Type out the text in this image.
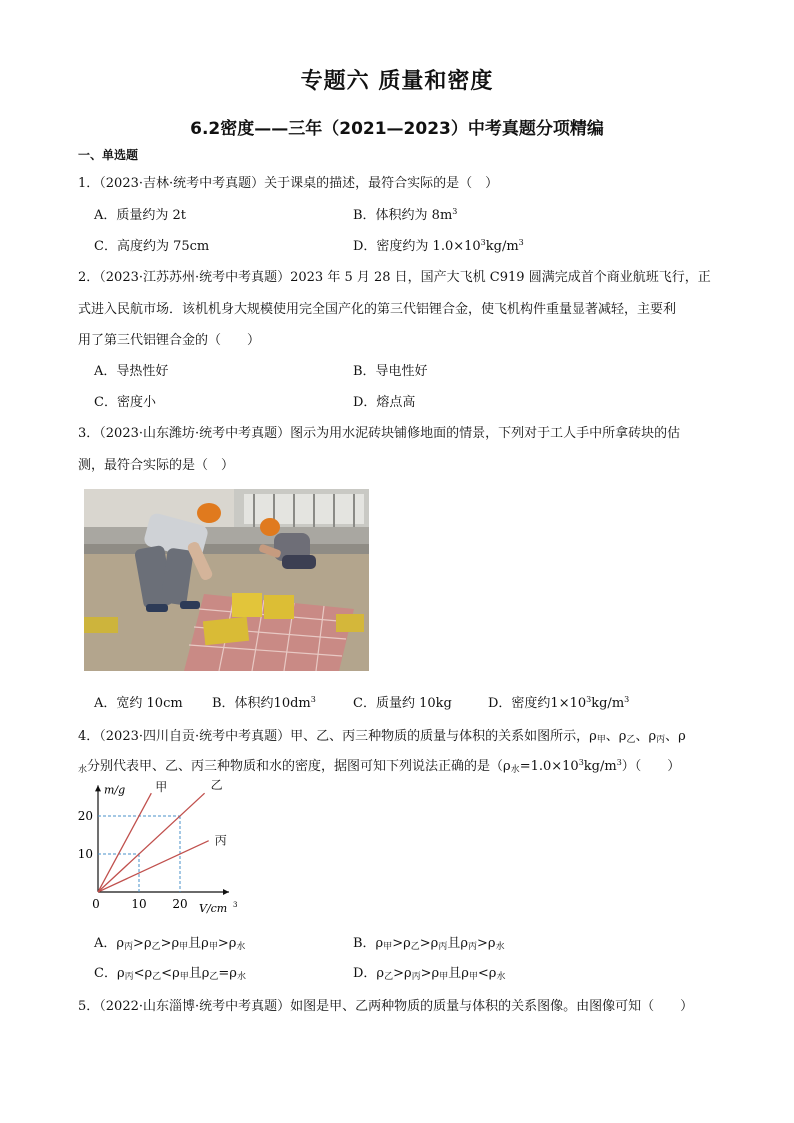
专题六 质量和密度
6.2密度——三年（2021—2023）中考真题分项精编
一、单选题
1．（2023·吉林·统考中考真题）关于课桌的描述，最符合实际的是（　）
A．质量约为 2t	B．体积约为 $8m^3$
C．高度约为 75cm	D．密度约为 $1.0\times 10^3kg/m^3$
2．（2023·江苏苏州·统考中考真题）2023 年 5 月 28 日，国产大飞机 C919 圆满完成首个商业航班飞行，正
式进入民航市场．该机机身大规模使用完全国产化的第三代铝锂合金，使飞机构件重量显著减轻，主要利
用了第三代铝锂合金的（　　）
A．导热性好	B．导电性好
C．密度小	D．熔点高
3．（2023·山东潍坊·统考中考真题）图示为用水泥砖块铺修地面的情景，下列对于工人手中所拿砖块的估
测，最符合实际的是（　）
A．宽约 10cm B．体积约$10dm^3$	C．质量约 10kg	D．密度约$1\times 10^3kg/m^3$
4．（2023·四川自贡·统考中考真题）甲、乙、丙三种物质的质量与体积的关系如图所示，$\rho_甲$、$\rho_乙$、$\rho_丙$、ρ
$_水$分别代表甲、乙、丙三种物质和水的密度，据图可知下列说法正确的是$(\rho_水=1.0\times 10^3kg/m^3)$（　　）
甲	乙
丙
0	10 20
10
20
m/g
V/cm 3
A．$\rho_丙>\rho_乙>\rho_甲$且$\rho_甲>\rho_水$	B．$\rho_甲>\rho_乙>\rho_丙$且$\rho_丙>\rho_水$
C．$\rho_丙<\rho_乙<\rho_甲$且$\rho_乙=\rho_水$	D．$\rho_乙>\rho_丙>\rho_甲$且$\rho_甲<\rho_水$
5．（2022·山东淄博·统考中考真题）如图是甲、乙两种物质的质量与体积的关系图像。由图像可知（　　）
